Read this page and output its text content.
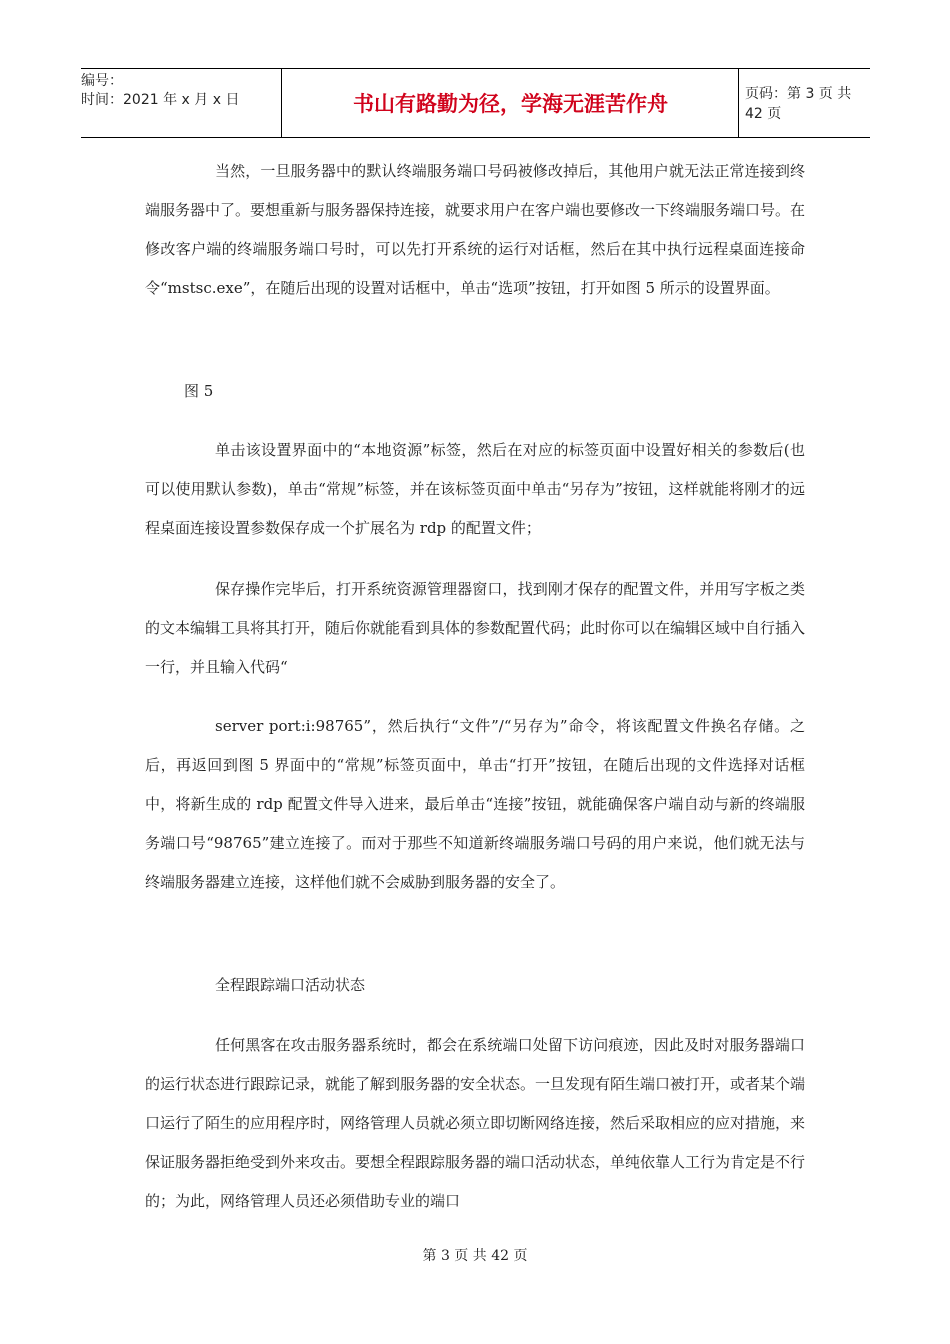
编号：
时间：2021 年 x 月 x 日	书山有路勤为径，学海无涯苦作舟	页码：第 3 页 共 42 页
当然，一旦服务器中的默认终端服务端口号码被修改掉后，其他用户就无法正常连接到终端服务器中了。要想重新与服务器保持连接，就要求用户在客户端也要修改一下终端服务端口号。在修改客户端的终端服务端口号时，可以先打开系统的运行对话框，然后在其中执行远程桌面连接命令“mstsc.exe”，在随后出现的设置对话框中，单击“选项”按钮，打开如图 5 所示的设置界面。
图 5
单击该设置界面中的“本地资源”标签，然后在对应的标签页面中设置好相关的参数后(也可以使用默认参数)，单击“常规”标签，并在该标签页面中单击“另存为”按钮，这样就能将刚才的远程桌面连接设置参数保存成一个扩展名为 rdp 的配置文件；
保存操作完毕后，打开系统资源管理器窗口，找到刚才保存的配置文件，并用写字板之类的文本编辑工具将其打开，随后你就能看到具体的参数配置代码；此时你可以在编辑区域中自行插入一行，并且输入代码“
server port:i:98765”，然后执行“文件”/“另存为”命令，将该配置文件换名存储。之后，再返回到图 5 界面中的“常规”标签页面中，单击“打开”按钮，在随后出现的文件选择对话框中，将新生成的 rdp 配置文件导入进来，最后单击“连接”按钮，就能确保客户端自动与新的终端服务端口号“98765”建立连接了。而对于那些不知道新终端服务端口号码的用户来说，他们就无法与终端服务器建立连接，这样他们就不会威胁到服务器的安全了。
全程跟踪端口活动状态
任何黑客在攻击服务器系统时，都会在系统端口处留下访问痕迹，因此及时对服务器端口的运行状态进行跟踪记录，就能了解到服务器的安全状态。一旦发现有陌生端口被打开，或者某个端口运行了陌生的应用程序时，网络管理人员就必须立即切断网络连接，然后采取相应的应对措施，来保证服务器拒绝受到外来攻击。要想全程跟踪服务器的端口活动状态，单纯依靠人工行为肯定是不行的；为此，网络管理人员还必须借助专业的端口
第 3 页 共 42 页
